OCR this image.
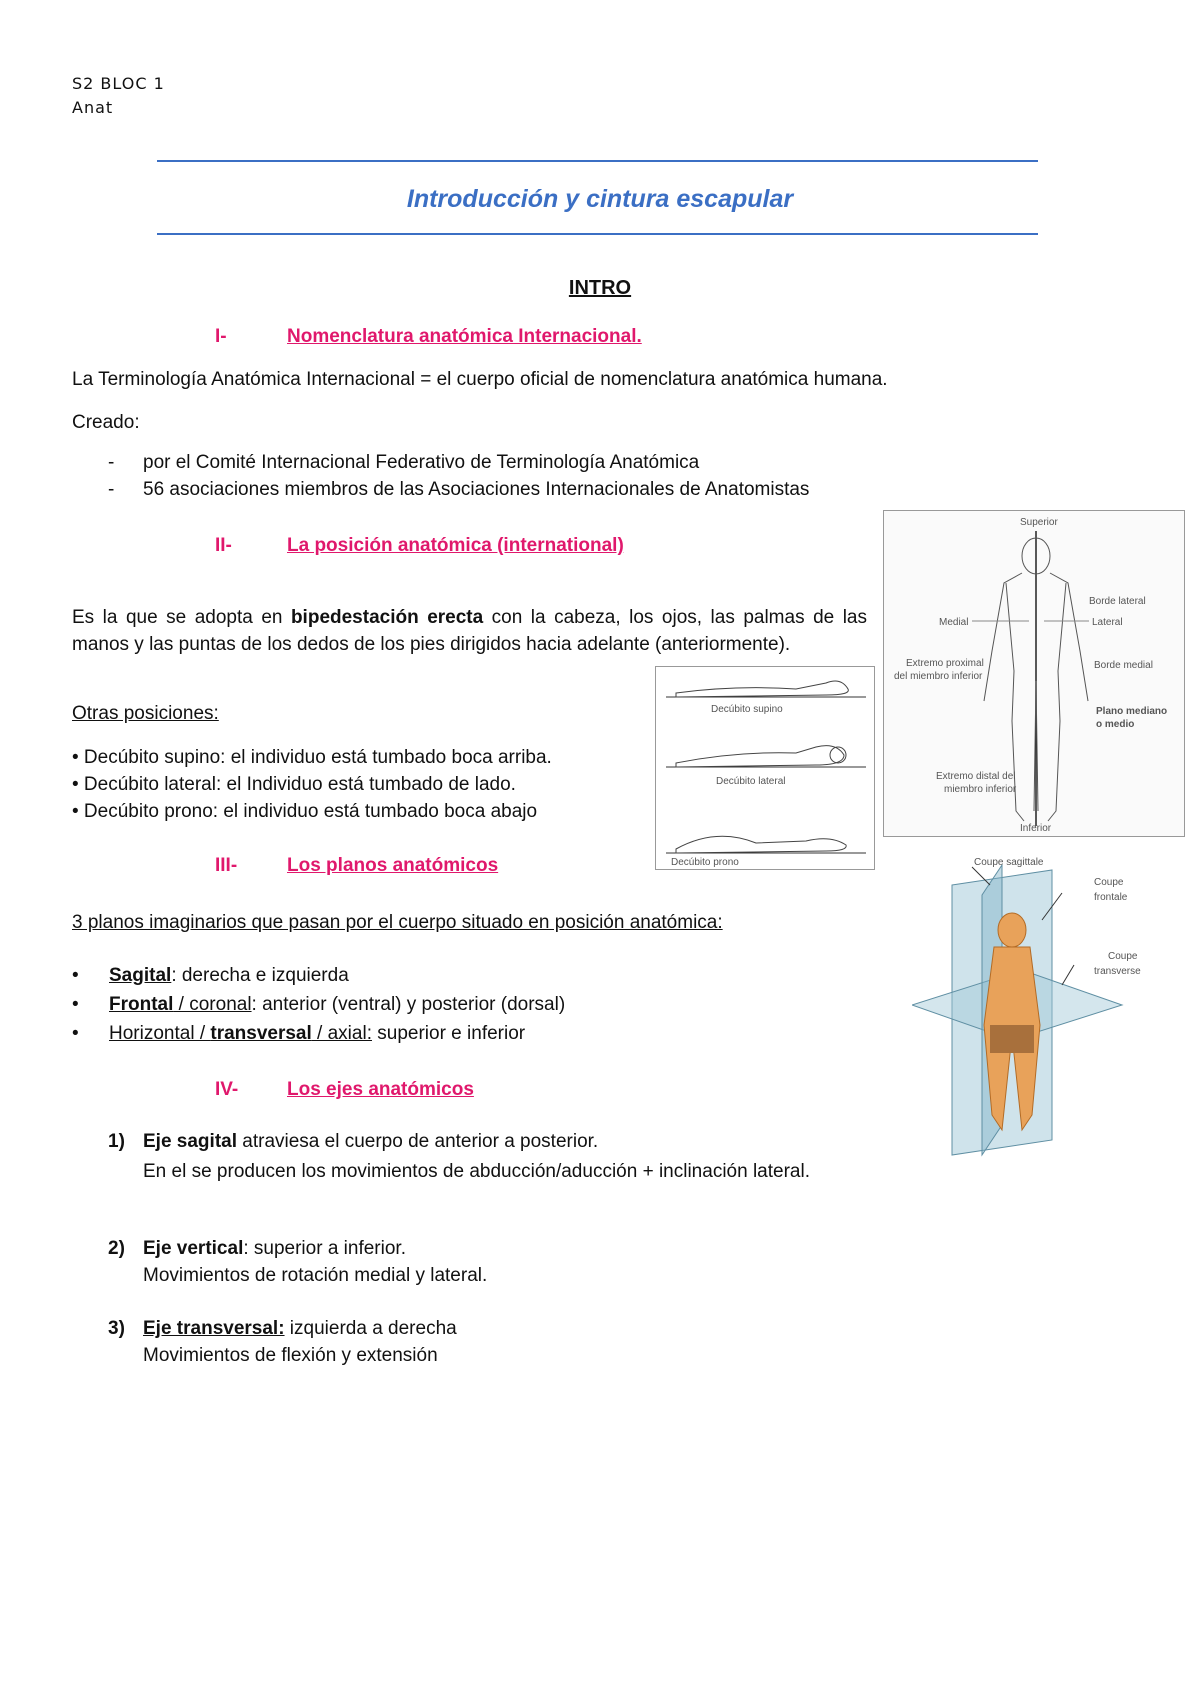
S2 BLOC 1
Anat
Introducción y cintura escapular
INTRO
I-	Nomenclatura anatómica Internacional.
La Terminología Anatómica Internacional = el cuerpo oficial de nomenclatura anatómica humana.
Creado:
- por el Comité Internacional Federativo de Terminología Anatómica
- 56 asociaciones miembros de las Asociaciones Internacionales de Anatomistas
II-	La posición anatómica (international)
Es la que se adopta en bipedestación erecta con la cabeza, los ojos, las palmas de las manos y las puntas de los dedos de los pies dirigidos hacia adelante (anteriormente).
Otras posiciones:
• Decúbito supino: el individuo está tumbado boca arriba.
• Decúbito lateral: el Individuo está tumbado de lado.
• Decúbito prono: el individuo está tumbado boca abajo
III-	Los planos anatómicos
3 planos imaginarios que pasan por el cuerpo situado en posición anatómica:
• Sagital: derecha e izquierda
• Frontal / coronal: anterior (ventral) y posterior (dorsal)
• Horizontal / transversal / axial: superior e inferior
IV-	Los ejes anatómicos
1) Eje sagital atraviesa el cuerpo de anterior a posterior.
En el se producen los movimientos de abducción/aducción + inclinación lateral.
2) Eje vertical: superior a inferior.
Movimientos de rotación medial y lateral.
3) Eje transversal: izquierda a derecha
Movimientos de flexión y extensión
Superior
Borde lateral
Medial	Lateral
Extremo proximal
del miembro inferior
Borde medial
Plano mediano
o medio
Extremo distal del
miembro inferior
Inferior
Decúbito supino
Decúbito lateral
Decúbito prono	Coupe sagittale
Coupe
frontale
Coupe
transverse
